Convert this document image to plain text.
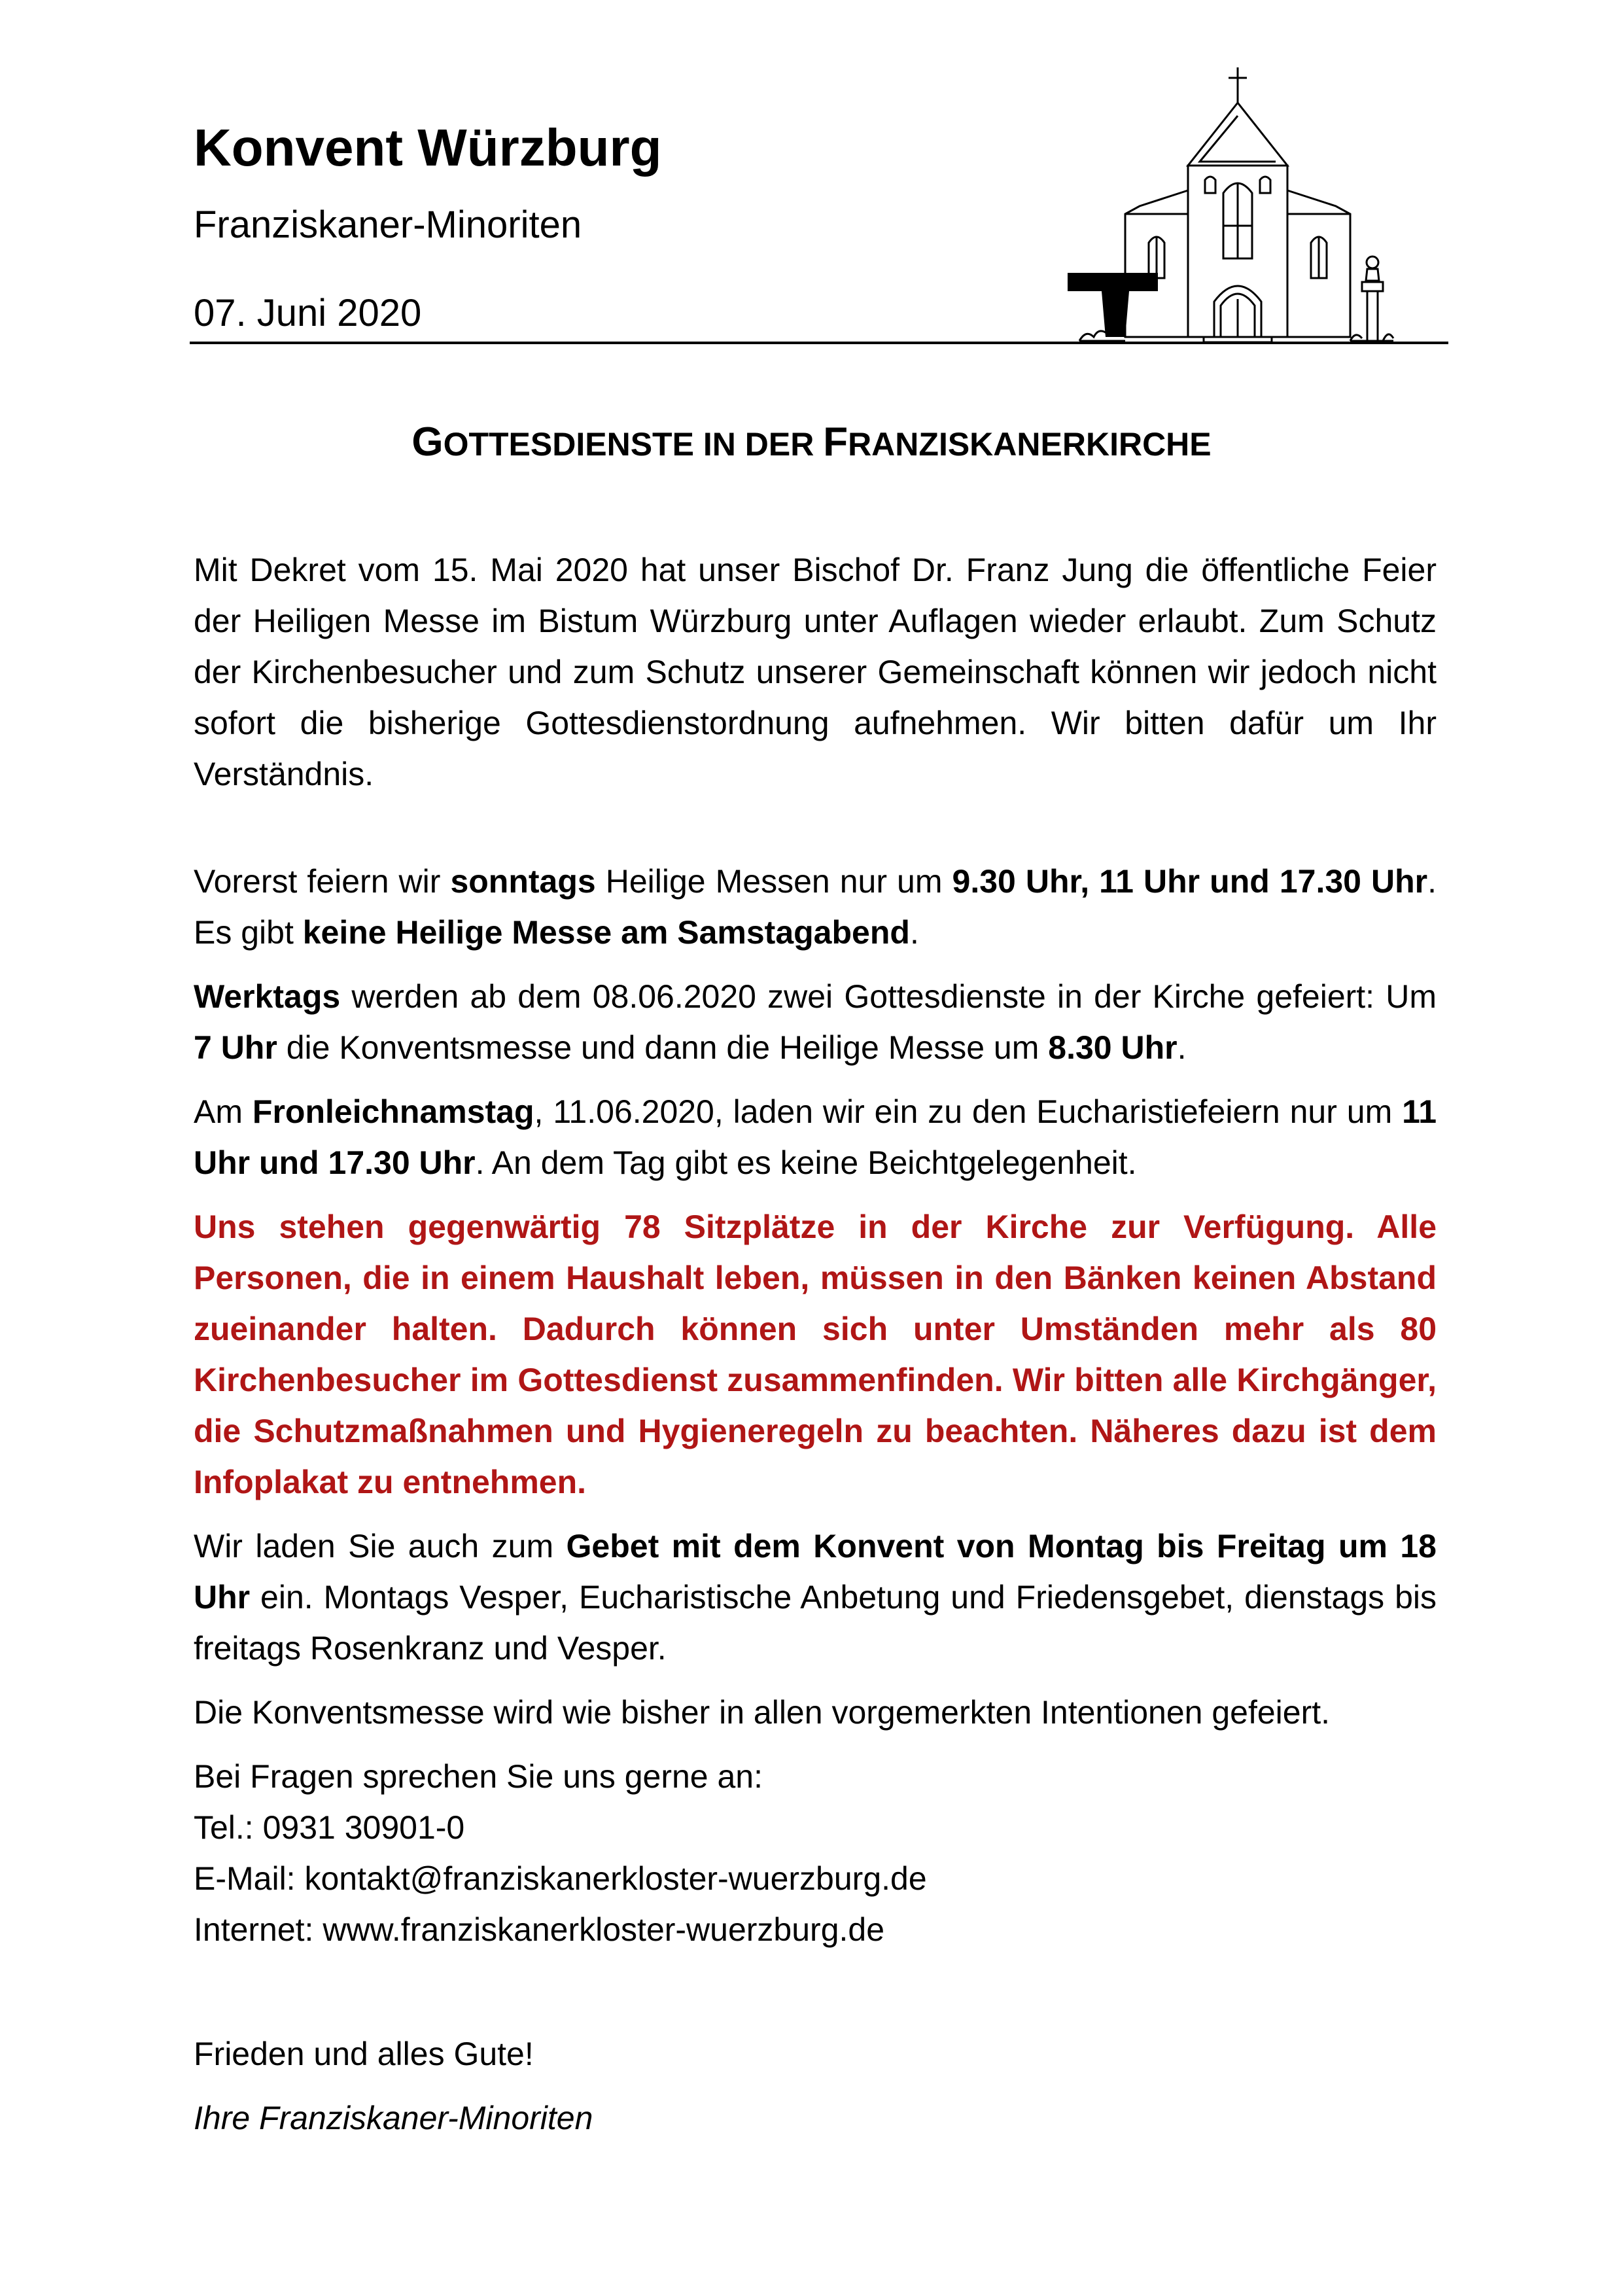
Konvent Würzburg
Franziskaner-Minoriten
07. Juni 2020
GOTTESDIENSTE IN DER FRANZISKANERKIRCHE

Mit Dekret vom 15. Mai 2020 hat unser Bischof Dr. Franz Jung die öffentliche Feier der Heiligen Messe im Bistum Würzburg unter Auflagen wieder erlaubt. Zum Schutz der Kirchenbesucher und zum Schutz unserer Gemeinschaft können wir jedoch nicht sofort die bisherige Gottesdienstordnung aufnehmen. Wir bitten dafür um Ihr Verständnis.

Vorerst feiern wir sonntags Heilige Messen nur um 9.30 Uhr, 11 Uhr und 17.30 Uhr. Es gibt keine Heilige Messe am Samstagabend.

Werktags werden ab dem 08.06.2020 zwei Gottesdienste in der Kirche gefeiert: Um 7 Uhr die Konventsmesse und dann die Heilige Messe um 8.30 Uhr.

Am Fronleichnamstag, 11.06.2020, laden wir ein zu den Eucharistiefeiern nur um 11 Uhr und 17.30 Uhr. An dem Tag gibt es keine Beichtgelegenheit.

Uns stehen gegenwärtig 78 Sitzplätze in der Kirche zur Verfügung. Alle Personen, die in einem Haushalt leben, müssen in den Bänken keinen Abstand zueinander halten. Dadurch können sich unter Umständen mehr als 80 Kirchenbesucher im Gottesdienst zusammenfinden. Wir bitten alle Kirchgänger, die Schutzmaßnahmen und Hygieneregeln zu beachten. Näheres dazu ist dem Infoplakat zu entnehmen.

Wir laden Sie auch zum Gebet mit dem Konvent von Montag bis Freitag um 18 Uhr ein. Montags Vesper, Eucharistische Anbetung und Friedensgebet, dienstags bis freitags Rosenkranz und Vesper.

Die Konventsmesse wird wie bisher in allen vorgemerkten Intentionen gefeiert.

Bei Fragen sprechen Sie uns gerne an:
Tel.: 0931 30901-0
E-Mail: kontakt@franziskanerkloster-wuerzburg.de
Internet: www.franziskanerkloster-wuerzburg.de

Frieden und alles Gute!

Ihre Franziskaner-Minoriten
